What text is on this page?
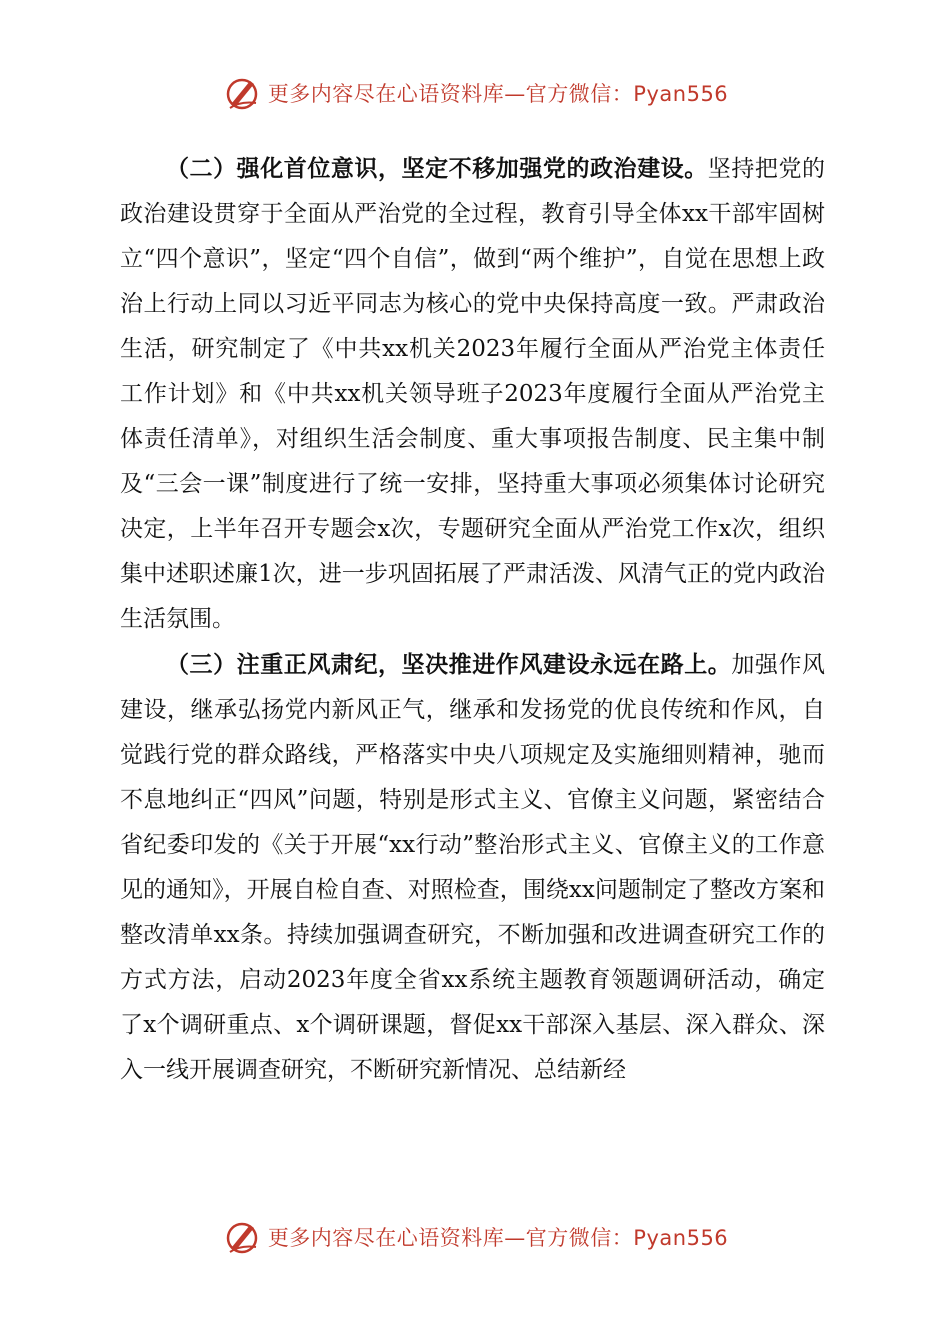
更多内容尽在心语资料库—官方微信：Pyan556

（二）强化首位意识，坚定不移加强党的政治建设。坚持把党的政治建设贯穿于全面从严治党的全过程，教育引导全体xx干部牢固树立“四个意识”，坚定“四个自信”，做到“两个维护”，自觉在思想上政治上行动上同以习近平同志为核心的党中央保持高度一致。严肃政治生活，研究制定了《中共xx机关2023年履行全面从严治党主体责任工作计划》和《中共xx机关领导班子2023年度履行全面从严治党主体责任清单》，对组织生活会制度、重大事项报告制度、民主集中制及“三会一课”制度进行了统一安排，坚持重大事项必须集体讨论研究决定，上半年召开专题会x次，专题研究全面从严治党工作x次，组织集中述职述廉1次，进一步巩固拓展了严肃活泼、风清气正的党内政治生活氛围。

（三）注重正风肃纪，坚决推进作风建设永远在路上。加强作风建设，继承弘扬党内新风正气，继承和发扬党的优良传统和作风，自觉践行党的群众路线，严格落实中央八项规定及实施细则精神，驰而不息地纠正“四风”问题，特别是形式主义、官僚主义问题，紧密结合省纪委印发的《关于开展“xx行动”整治形式主义、官僚主义的工作意见的通知》，开展自检自查、对照检查，围绕xx问题制定了整改方案和整改清单xx条。持续加强调查研究，不断加强和改进调查研究工作的方式方法，启动2023年度全省xx系统主题教育领题调研活动，确定了x个调研重点、x个调研课题，督促xx干部深入基层、深入群众、深入一线开展调查研究，不断研究新情况、总结新经

更多内容尽在心语资料库—官方微信：Pyan556
